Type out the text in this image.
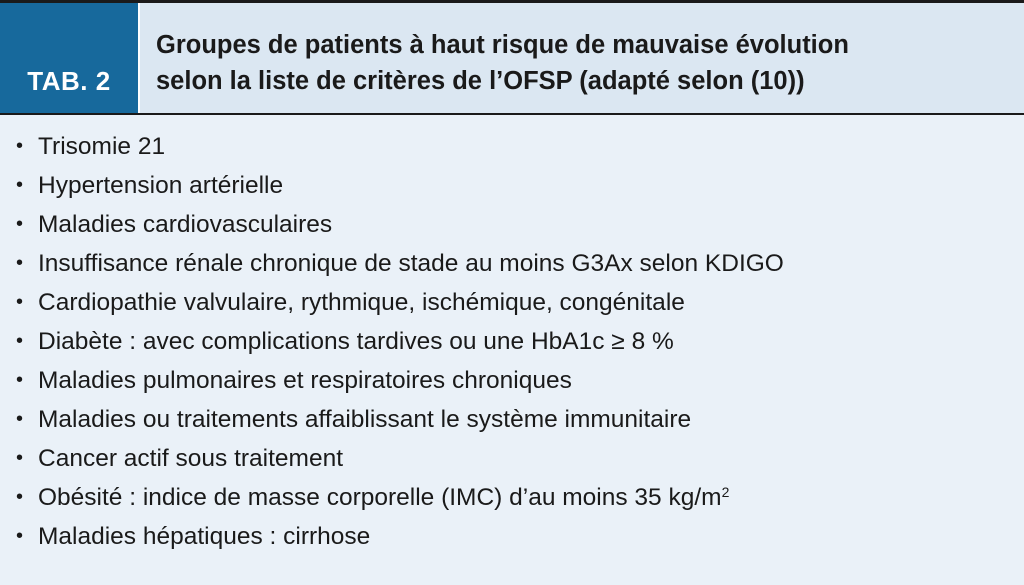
TAB. 2
Groupes de patients à haut risque de mauvaise évolution
selon la liste de critères de l’OFSP (adapté selon (10))
• Trisomie 21
• Hypertension artérielle
• Maladies cardiovasculaires
• Insuffisance rénale chronique de stade au moins G3Ax selon KDIGO
• Cardiopathie valvulaire, rythmique, ischémique, congénitale
• Diabète : avec complications tardives ou une HbA1c ≥ 8 %
• Maladies pulmonaires et respiratoires chroniques
• Maladies ou traitements affaiblissant le système immunitaire
• Cancer actif sous traitement
• Obésité : indice de masse corporelle (IMC) d’au moins 35 $kg/m^2$
• Maladies hépatiques : cirrhose
